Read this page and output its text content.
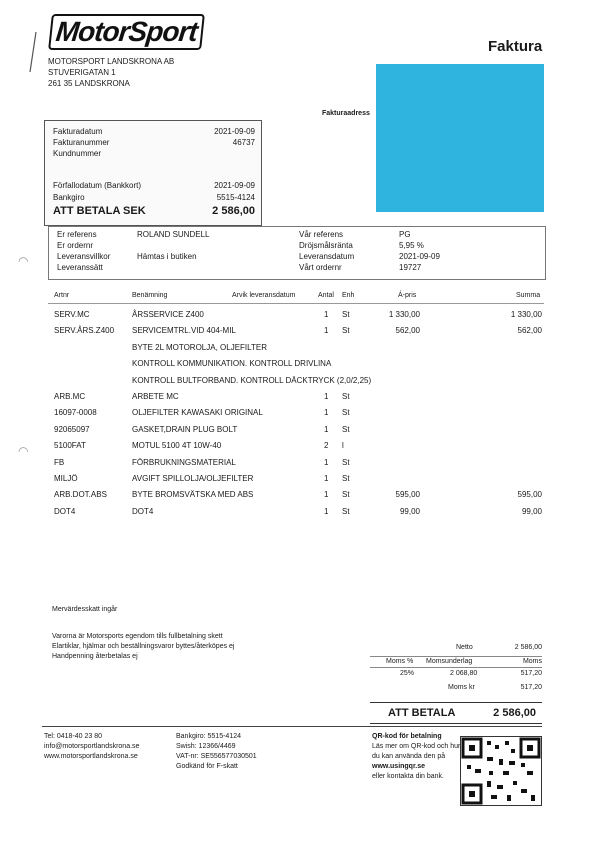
MotorSport
MOTORSPORT LANDSKRONA AB
STUVERIGATAN 1
261 35 LANDSKRONA
Faktura
Fakturaadress
◠
◠
Fakturadatum	2021-09-09
Fakturanummer	46737
Kundnummer
Förfallodatum (Bankkort)	2021-09-09
Bankgiro	5515-4124
ATT BETALA SEK	2 586,00
Er referens	ROLAND SUNDELL
Er ordernr
Leveransvillkor	Hämtas i butiken
Leveranssätt
Vår referens	PG
Dröjsmålsränta	5,95 %
Leveransdatum	2021-09-09
Vårt ordernr	19727
Artnr	Benämning	Arvik leveransdatum	Antal Enh	Á-pris	Summa
SERV.MC	ÅRSSERVICE Z400	1 St	1 330,00	1 330,00
SERV.ÅRS.Z400 SERVICEMTRL.VID 404-MIL	1 St	562,00	562,00
BYTE 2L MOTOROLJA, OLJEFILTER
KONTROLL KOMMUNIKATION. KONTROLL DRIVLINA
KONTROLL BULTFORBAND. KONTROLL DÄCKTRYCK (2,0/2,25)
ARB.MC	ARBETE MC	1 St
16097-0008	OLJEFILTER KAWASAKI ORIGINAL	1 St
92065097	GASKET,DRAIN PLUG BOLT	1 St
5100FAT	MOTUL 5100 4T 10W-40	2 l
FB	FÖRBRUKNINGSMATERIAL	1 St
MILJÖ	AVGIFT SPILLOLJA/OLJEFILTER	1 St
ARB.DOT.ABS	BYTE BROMSVÄTSKA MED ABS	1 St	595,00	595,00
DOT4	DOT4	1 St	99,00	99,00
Mervärdesskatt ingår
Varorna är Motorsports egendom tills fullbetalning skett
Elartiklar, hjälmar och beställningsvaror byttes/återköpes ej
Handpenning återbetalas ej
Netto	2 586,00
Moms % Momsunderlag	Moms
25%	2 068,80	517,20
Moms kr	517,20
ATT BETALA	2 586,00
Tel: 0418-40 23 80
info@motorsportlandskrona.se
www.motorsportlandskrona.se
Bankgiro: 5515-4124
Swish: 12366/4469
VAT-nr: SE556577030501
Godkänd för F-skatt
QR-kod för betalning
Läs mer om QR-kod och hur
du kan använda den på
www.usingqr.se
eller kontakta din bank.
